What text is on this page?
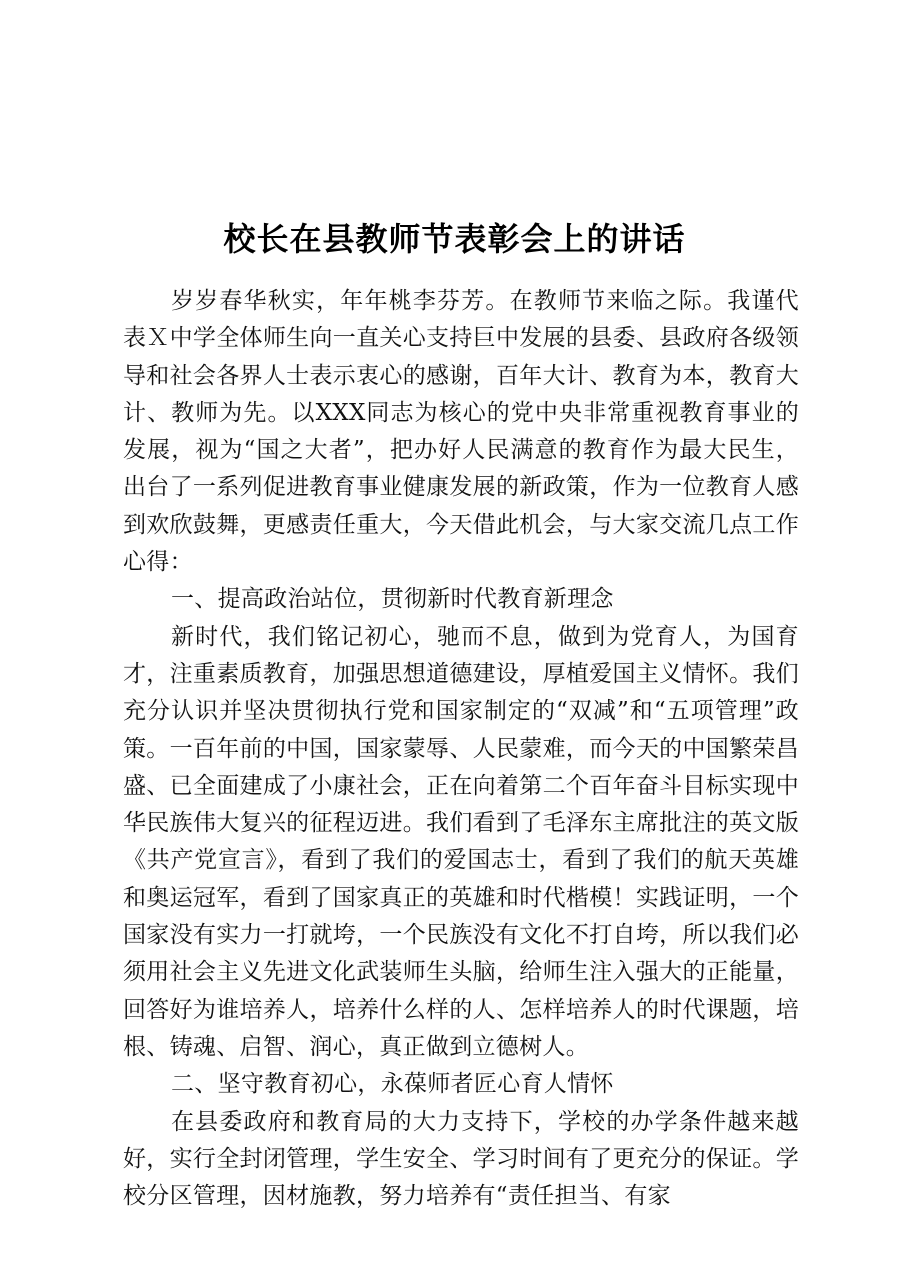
校长在县教师节表彰会上的讲话

岁岁春华秋实，年年桃李芬芳。在教师节来临之际。我谨代表Ｘ中学全体师生向一直关心支持巨中发展的县委、县政府各级领导和社会各界人士表示衷心的感谢，百年大计、教育为本，教育大计、教师为先。以XXX同志为核心的党中央非常重视教育事业的发展，视为“国之大者”，把办好人民满意的教育作为最大民生，出台了一系列促进教育事业健康发展的新政策，作为一位教育人感到欢欣鼓舞，更感责任重大，今天借此机会，与大家交流几点工作心得：

一、提高政治站位，贯彻新时代教育新理念

新时代，我们铭记初心，驰而不息，做到为党育人，为国育才，注重素质教育，加强思想道德建设，厚植爱国主义情怀。我们充分认识并坚决贯彻执行党和国家制定的“双减”和“五项管理”政策。一百年前的中国，国家蒙辱、人民蒙难，而今天的中国繁荣昌盛、已全面建成了小康社会，正在向着第二个百年奋斗目标实现中华民族伟大复兴的征程迈进。我们看到了毛泽东主席批注的英文版《共产党宣言》，看到了我们的爱国志士，看到了我们的航天英雄和奥运冠军，看到了国家真正的英雄和时代楷模！实践证明，一个国家没有实力一打就垮，一个民族没有文化不打自垮，所以我们必须用社会主义先进文化武装师生头脑，给师生注入强大的正能量，回答好为谁培养人，培养什么样的人、怎样培养人的时代课题，培根、铸魂、启智、润心，真正做到立德树人。

二、坚守教育初心，永葆师者匠心育人情怀

在县委政府和教育局的大力支持下，学校的办学条件越来越好，实行全封闭管理，学生安全、学习时间有了更充分的保证。学校分区管理，因材施教，努力培养有“责任担当、有家
